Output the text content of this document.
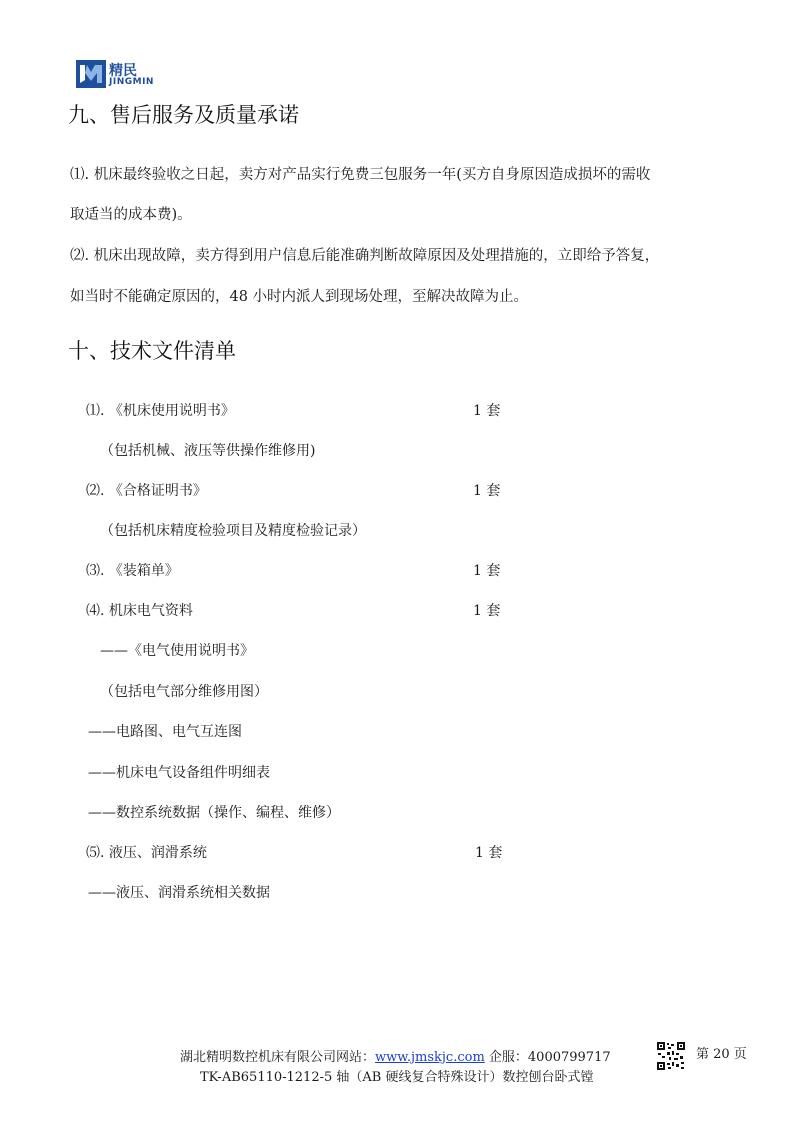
精民
JINGMIN
九、售后服务及质量承诺
⑴. 机床最终验收之日起，卖方对产品实行免费三包服务一年(买方自身原因造成损坏的需收
取适当的成本费)。
⑵. 机床出现故障，卖方得到用户信息后能准确判断故障原因及处理措施的，立即给予答复，
如当时不能确定原因的，48 小时内派人到现场处理，至解决故障为止。
十、技术文件清单
⑴. 《机床使用说明书》	1 套
（包括机械、液压等供操作维修用)
⑵. 《合格证明书》	1 套
（包括机床精度检验项目及精度检验记录）
⑶. 《装箱单》	1 套
⑷. 机床电气资料	1 套
——《电气使用说明书》
（包括电气部分维修用图）
——电路图、电气互连图
——机床电气设备组件明细表
——数控系统数据（操作、编程、维修）
⑸. 液压、润滑系统	1 套
——液压、润滑系统相关数据
湖北精明数控机床有限公司网站：www.jmskjc.com 企服：4000799717
TK-AB65110-1212-5 轴（AB 硬线复合特殊设计）数控刨台卧式镗
第 20 页
